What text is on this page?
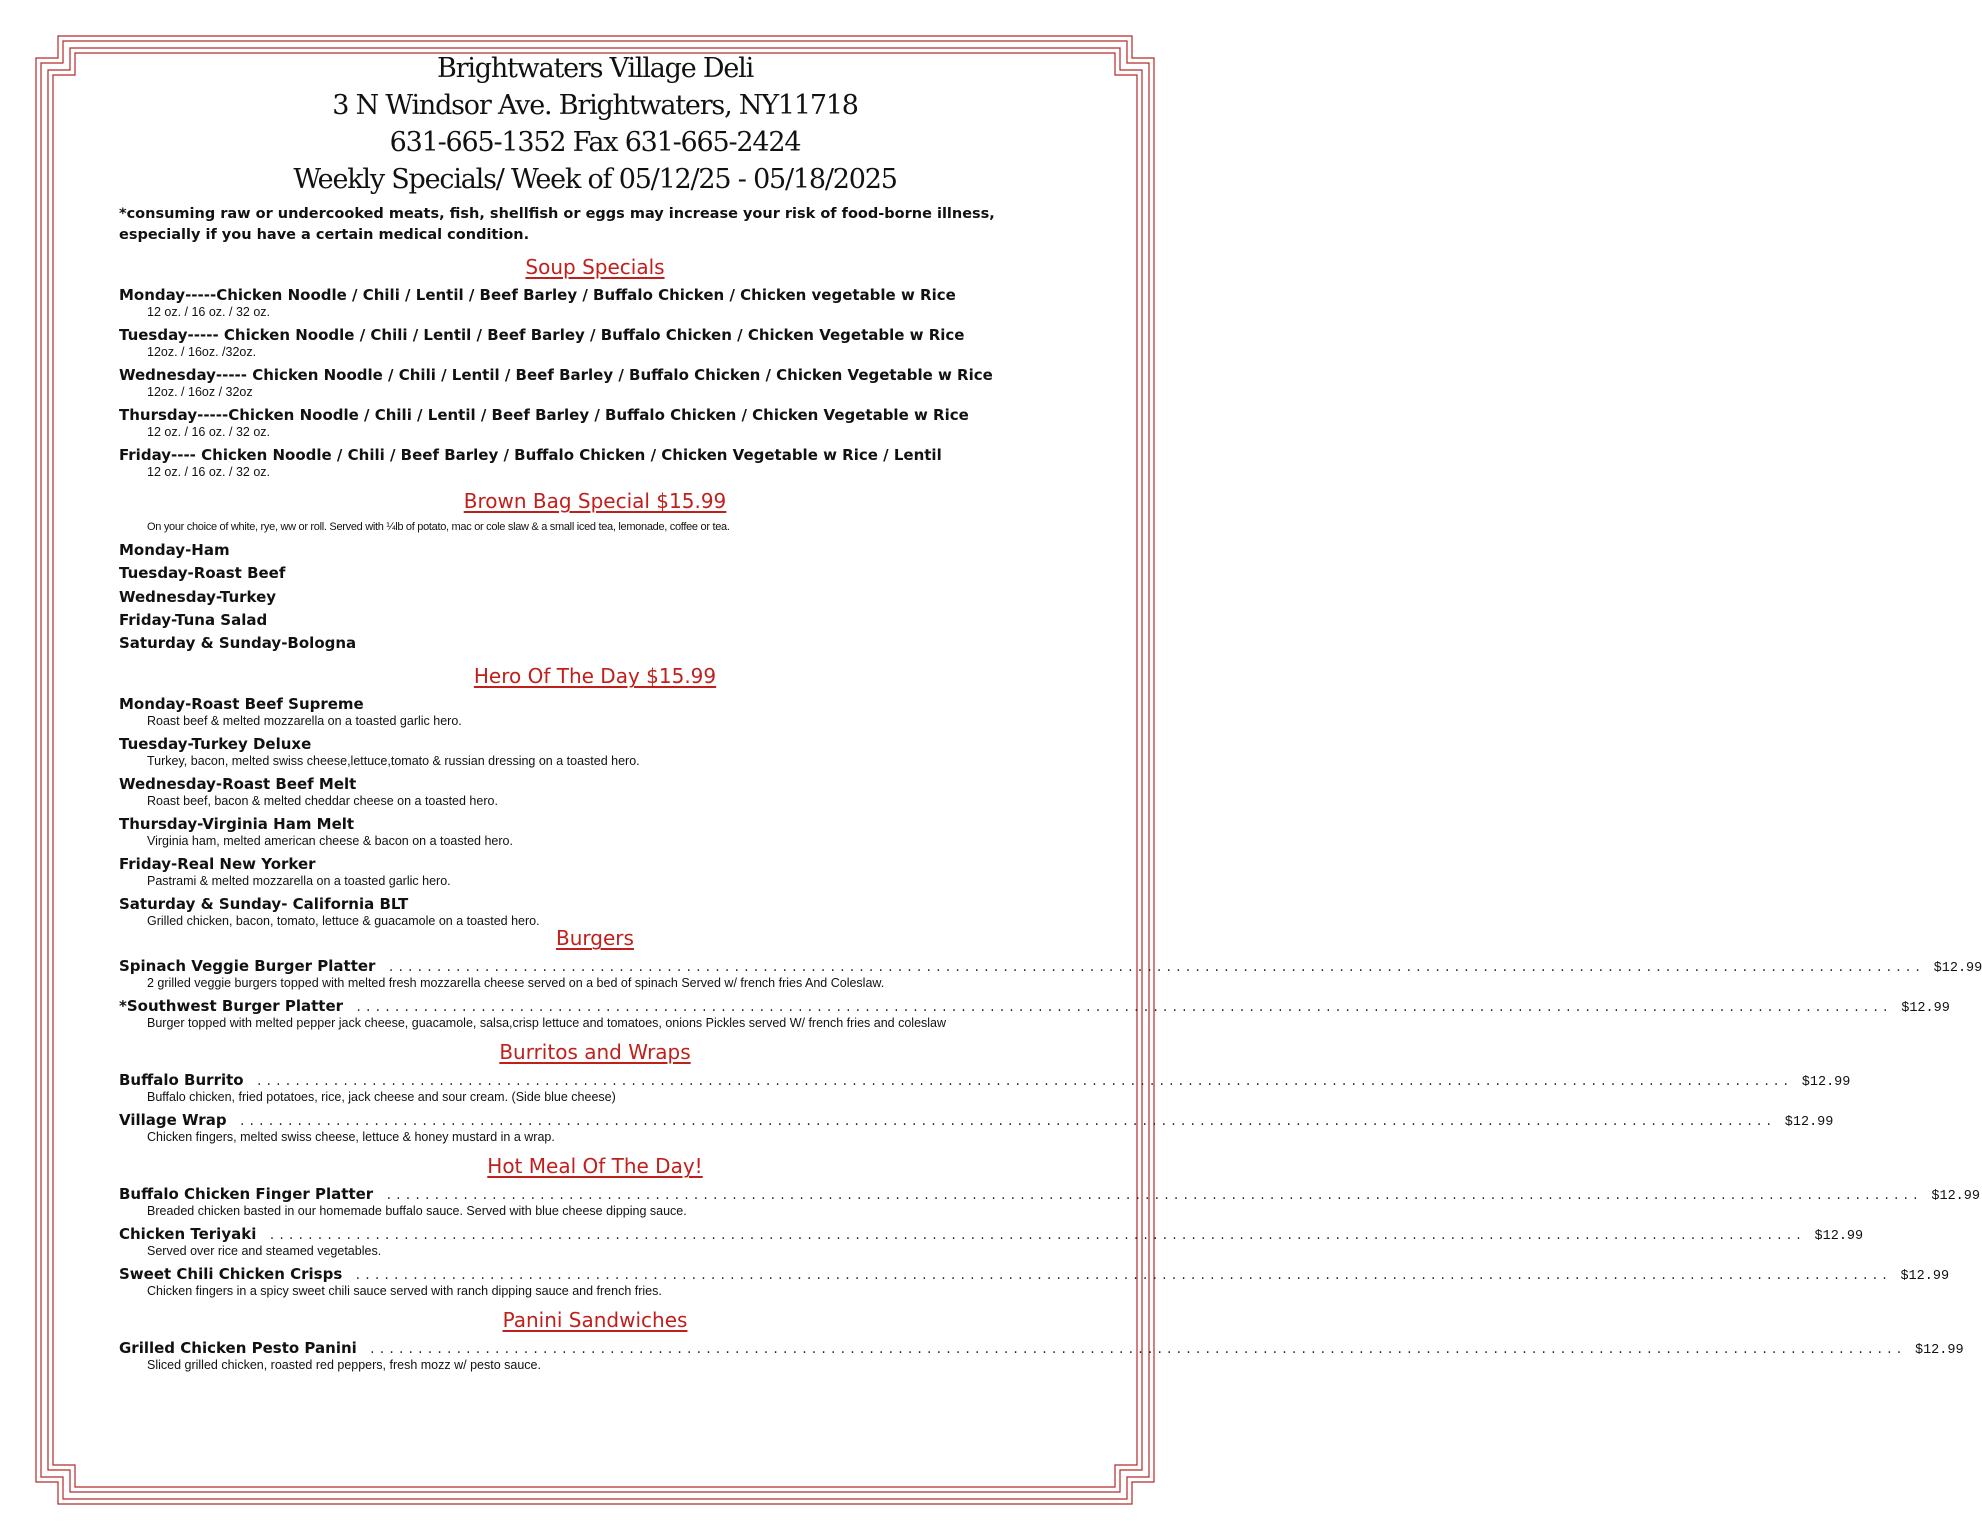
Brightwaters Village Deli
3 N Windsor Ave. Brightwaters, NY11718
631-665-1352 Fax 631-665-2424
Weekly Specials/ Week of 05/12/25 - 05/18/2025
*consuming raw or undercooked meats, fish, shellfish or eggs may increase your risk of food-borne illness, especially if you have a certain medical condition.
Soup Specials
Monday-----Chicken Noodle / Chili / Lentil / Beef Barley / Buffalo Chicken / Chicken vegetable w Rice
12 oz. / 16 oz. / 32 oz.
Tuesday----- Chicken Noodle / Chili / Lentil / Beef Barley / Buffalo Chicken / Chicken Vegetable w Rice
12oz. / 16oz. /32oz.
Wednesday----- Chicken Noodle / Chili / Lentil / Beef Barley / Buffalo Chicken / Chicken Vegetable w Rice
12oz. / 16oz / 32oz
Thursday-----Chicken Noodle / Chili / Lentil / Beef Barley / Buffalo Chicken / Chicken Vegetable w Rice
12 oz. / 16 oz. / 32 oz.
Friday---- Chicken Noodle / Chili / Beef Barley / Buffalo Chicken / Chicken Vegetable w Rice / Lentil
12 oz. / 16 oz. / 32 oz.
Brown Bag Special $15.99
On your choice of white, rye, ww or roll. Served with ¼lb of potato, mac or cole slaw & a small iced tea, lemonade, coffee or tea.
Monday-Ham
Tuesday-Roast Beef
Wednesday-Turkey
Friday-Tuna Salad
Saturday & Sunday-Bologna
Hero Of The Day $15.99
Monday-Roast Beef Supreme
Roast beef & melted mozzarella on a toasted garlic hero.
Tuesday-Turkey Deluxe
Turkey, bacon, melted swiss cheese,lettuce,tomato & russian dressing on a toasted hero.
Wednesday-Roast Beef Melt
Roast beef, bacon & melted cheddar cheese on a toasted hero.
Thursday-Virginia Ham Melt
Virginia ham, melted american cheese & bacon on a toasted hero.
Friday-Real New Yorker
Pastrami & melted mozzarella on a toasted garlic hero.
Saturday & Sunday- California BLT
Grilled chicken, bacon, tomato, lettuce & guacamole on a toasted hero.
Burgers
Spinach Veggie Burger Platter ................................................................................................................................................................ $12.99
2 grilled veggie burgers topped with melted fresh mozzarella cheese served on a bed of spinach Served w/ french fries And Coleslaw.
*Southwest Burger Platter ................................................................................................................................................................ $12.99
Burger topped with melted pepper jack cheese, guacamole, salsa,crisp lettuce and tomatoes, onions Pickles served W/ french fries and coleslaw
Burritos and Wraps
Buffalo Burrito ................................................................................................................................................................ $12.99
Buffalo chicken, fried potatoes, rice, jack cheese and sour cream. (Side blue cheese)
Village Wrap ................................................................................................................................................................ $12.99
Chicken fingers, melted swiss cheese, lettuce & honey mustard in a wrap.
Hot Meal Of The Day!
Buffalo Chicken Finger Platter ................................................................................................................................................................ $12.99
Breaded chicken basted in our homemade buffalo sauce. Served with blue cheese dipping sauce.
Chicken Teriyaki ................................................................................................................................................................ $12.99
Served over rice and steamed vegetables.
Sweet Chili Chicken Crisps ................................................................................................................................................................ $12.99
Chicken fingers in a spicy sweet chili sauce served with ranch dipping sauce and french fries.
Panini Sandwiches
Grilled Chicken Pesto Panini ................................................................................................................................................................ $12.99
Sliced grilled chicken, roasted red peppers, fresh mozz w/ pesto sauce.
